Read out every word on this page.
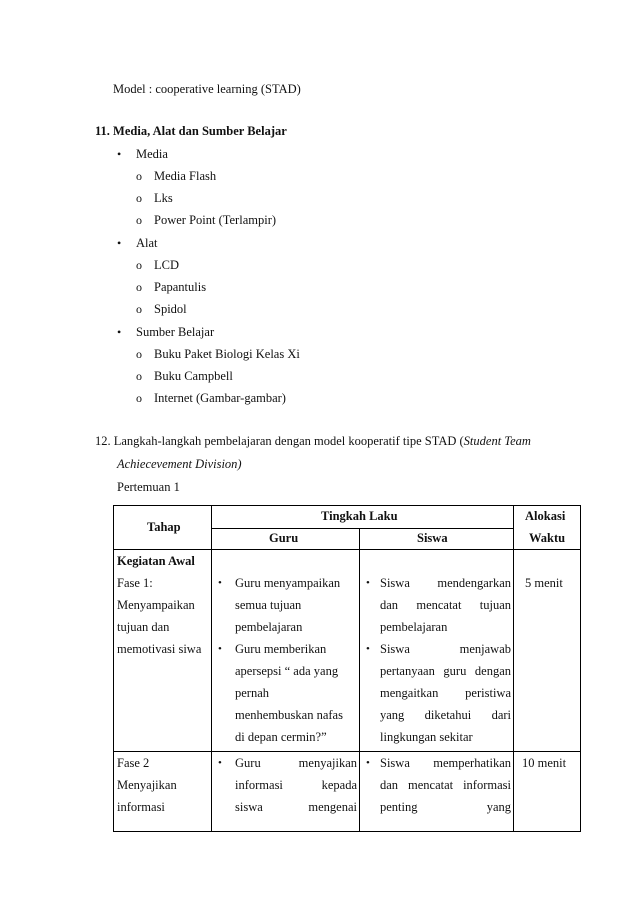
Model : cooperative learning (STAD)
11. Media, Alat dan Sumber Belajar
• Media
o Media Flash
o Lks
o Power Point (Terlampir)
• Alat
o LCD
o Papantulis
o Spidol
• Sumber Belajar
o Buku Paket Biologi Kelas Xi
o Buku Campbell
o Internet (Gambar-gambar)
12. Langkah-langkah pembelajaran dengan model kooperatif tipe STAD (Student Team
Achiecevement Division)
Pertemuan 1
Tahap
Tingkah Laku
Guru	Siswa
Alokasi
Waktu
Kegiatan Awal
Fase 1:
Menyampaikan
tujuan dan
memotivasi siwa
• Guru menyampaikan
semua tujuan
pembelajaran
• Guru memberikan
apersepsi “ ada yang
pernah
menhembuskan nafas
di depan cermin?”
• Siswa mendengarkan
dan mencatat tujuan
pembelajaran
• Siswa menjawab
pertanyaan guru dengan
mengaitkan peristiwa
yang diketahui dari
lingkungan sekitar
5 menit
Fase 2
Menyajikan
informasi
• Guru menyajikan
informasi kepada
siswa mengenai
• Siswa memperhatikan
dan mencatat informasi
penting yang
10 menit
